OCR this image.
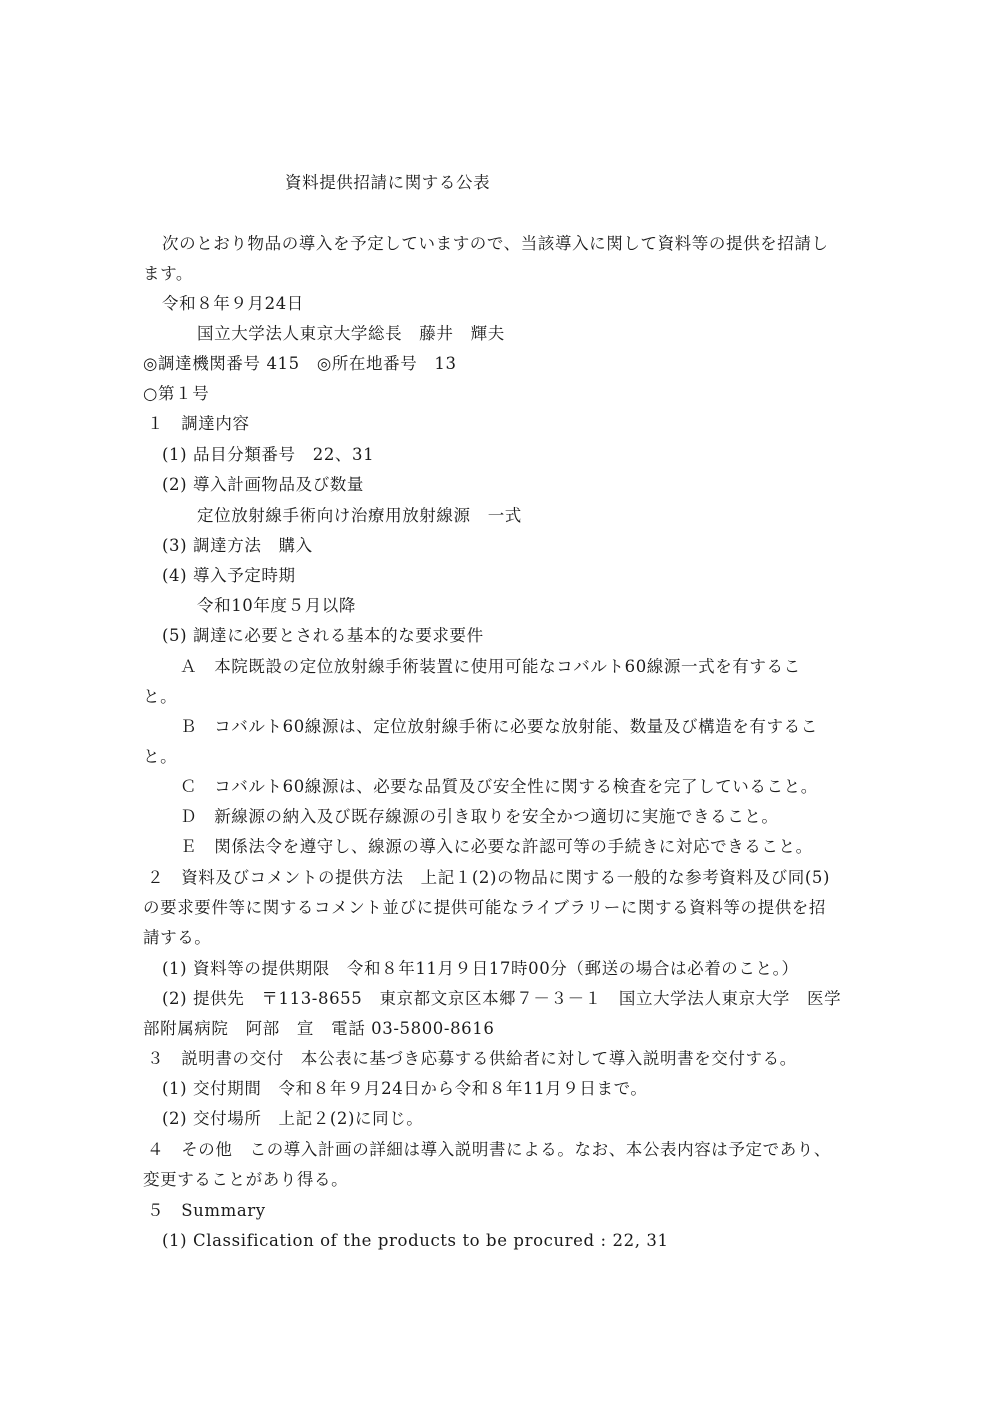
資料提供招請に関する公表
次のとおり物品の導入を予定していますので、当該導入に関して資料等の提供を招請し
ます。
令和８年９月24日
国立大学法人東京大学総長　藤井　輝夫
◎調達機関番号 415　◎所在地番号　13
○第１号
１　調達内容
(1) 品目分類番号　22、31
(2) 導入計画物品及び数量
定位放射線手術向け治療用放射線源　一式
(3) 調達方法　購入
(4) 導入予定時期
令和10年度５月以降
(5) 調達に必要とされる基本的な要求要件
Ａ　本院既設の定位放射線手術装置に使用可能なコバルト60線源一式を有するこ
と。
Ｂ　コバルト60線源は、定位放射線手術に必要な放射能、数量及び構造を有するこ
と。
Ｃ　コバルト60線源は、必要な品質及び安全性に関する検査を完了していること。
Ｄ　新線源の納入及び既存線源の引き取りを安全かつ適切に実施できること。
Ｅ　関係法令を遵守し、線源の導入に必要な許認可等の手続きに対応できること。
２　資料及びコメントの提供方法　上記１(2)の物品に関する一般的な参考資料及び同(5)
の要求要件等に関するコメント並びに提供可能なライブラリーに関する資料等の提供を招
請する。
(1) 資料等の提供期限　令和８年11月９日17時00分（郵送の場合は必着のこと。）
(2) 提供先　〒113-8655　東京都文京区本郷７－３－１　国立大学法人東京大学　医学
部附属病院　阿部　宣　電話 03-5800-8616
３　説明書の交付　本公表に基づき応募する供給者に対して導入説明書を交付する。
(1) 交付期間　令和８年９月24日から令和８年11月９日まで。
(2) 交付場所　上記２(2)に同じ。
４　その他　この導入計画の詳細は導入説明書による。なお、本公表内容は予定であり、
変更することがあり得る。
５　Summary
(1) Classification of the products to be procured : 22, 31
